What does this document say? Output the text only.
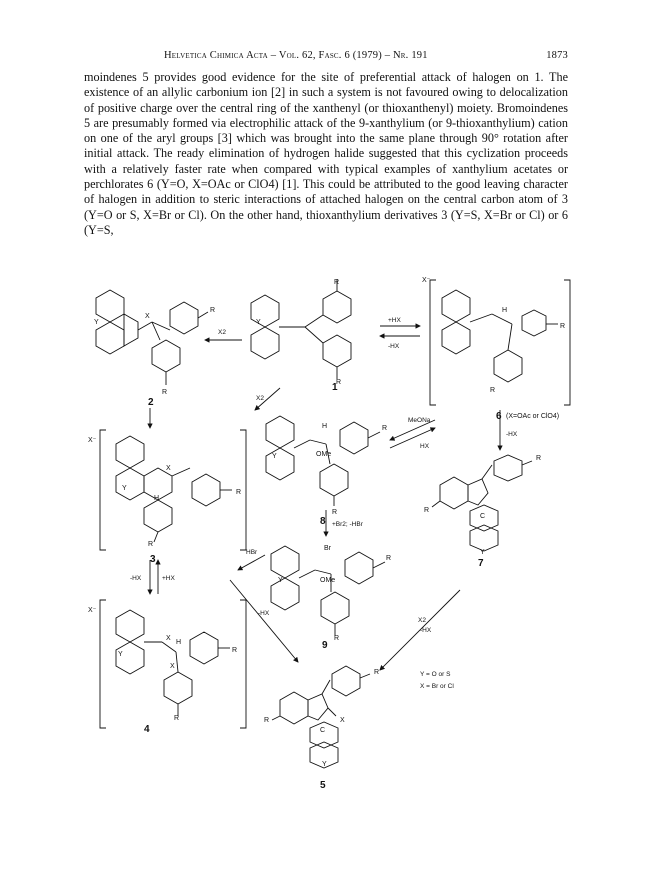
Helvetica Chimica Acta – Vol. 62, Fasc. 6 (1979) – Nr. 191	1873

moindenes 5 provides good evidence for the site of preferential attack of halogen on 1. The existence of an allylic carbonium ion [2] in such a system is not favoured owing to delocalization of positive charge over the central ring of the xanthenyl (or thioxanthenyl) moiety. Bromoindenes 5 are presumably formed via electrophilic attack of the 9-xanthylium (or 9-thioxanthylium) cation on one of the aryl groups [3] which was brought into the same plane through 90° rotation after initial attack. The ready elimination of hydrogen halide suggested that this cyclization proceeds with a relatively faster rate when compared with typical examples of xanthylium acetates or perchlorates 6 (Y=O, X=OAc or ClO4) [1]. This could be attributed to the good leaving character of halogen in addition to steric interactions of attached halogen on the central carbon atom of 3 (Y=O or S, X=Br or Cl). On the other hand, thioxanthylium derivatives 3 (Y=S, X=Br or Cl) or 6 (Y=S,

2
1
3
4
5
6 (X=OAc or ClO4)
7
8
9
X2
+HX
-HX
X2
MeONa
HX
-HX
-HX	+HX
HBr
+Br2; -HBr
-HX
X2
-HX
Y = O or S
X = Br or Cl
R
X
Y
R
R
Y
R
X⁻
H
R
R
X⁻
X
H
R
R
Y
H
OMe
R
R
Y	R
R
C
Y
Br
OMe
R
R
Y
X⁻
X
H
X
R
R
Y
R
R	X
C
Y
